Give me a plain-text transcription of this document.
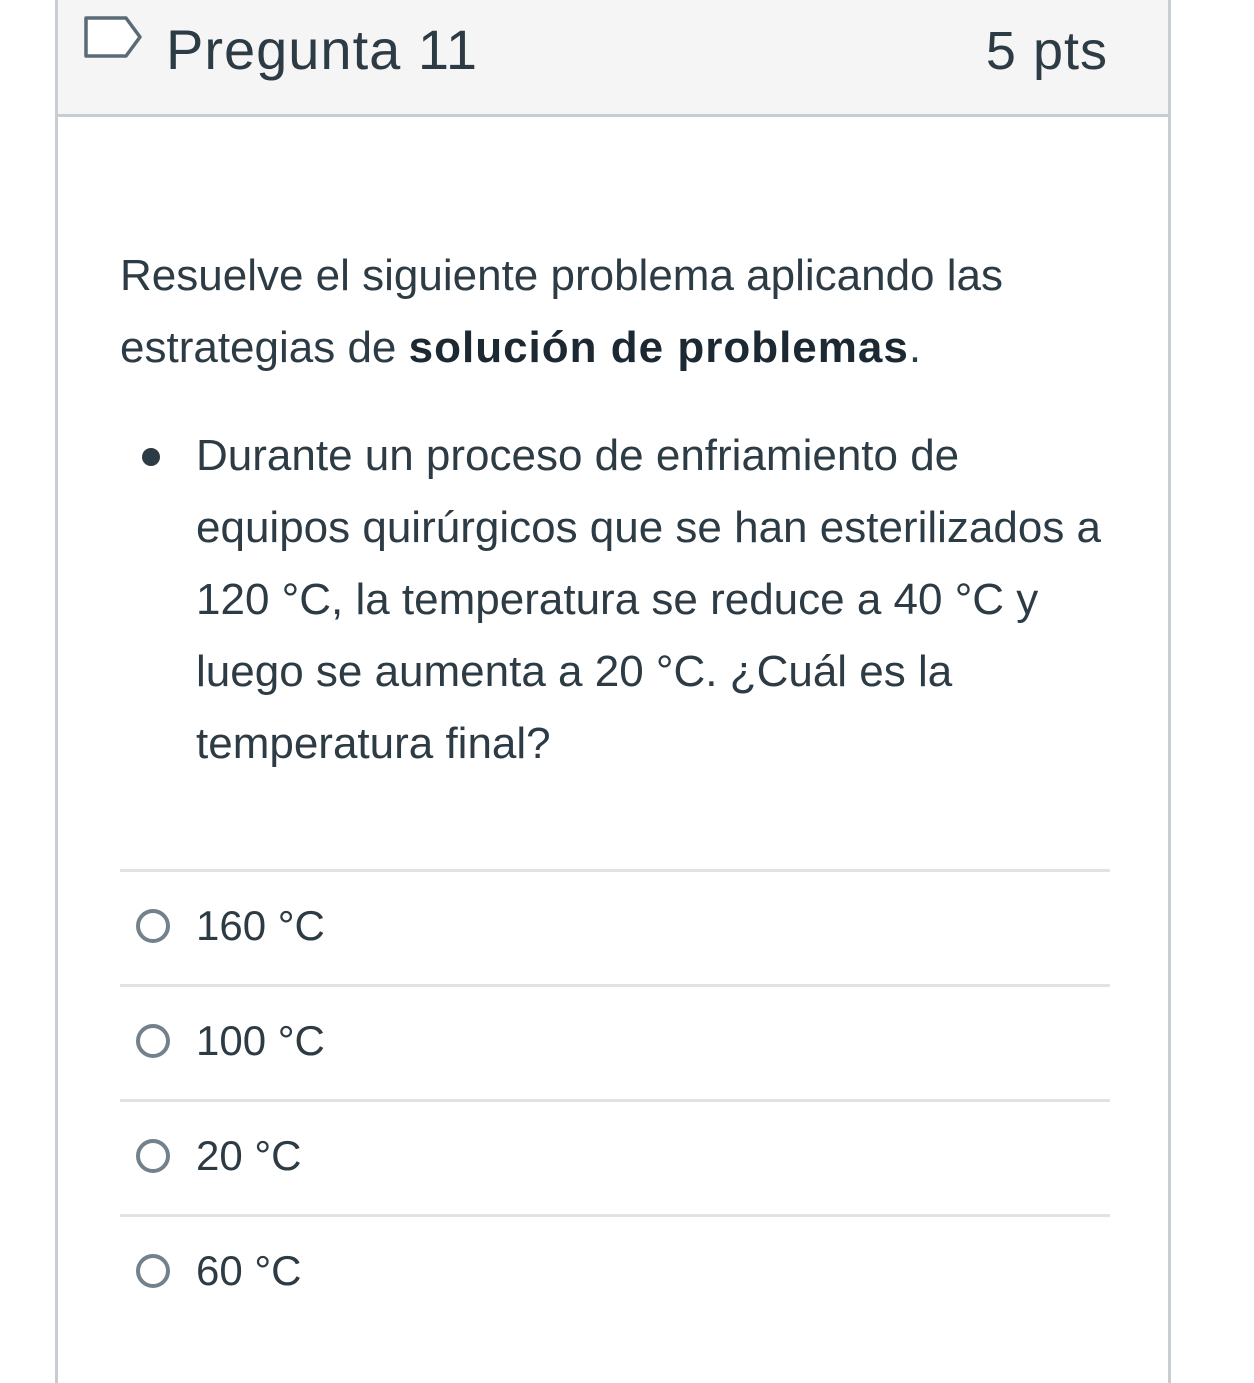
Pregunta 11	5 pts

Resuelve el siguiente problema aplicando las estrategias de solución de problemas.

Durante un proceso de enfriamiento de equipos quirúrgicos que se han esterilizados a 120 °C, la temperatura se reduce a 40 °C y luego se aumenta a 20 °C. ¿Cuál es la temperatura final?
160 °C
100 °C
20 °C
60 °C
